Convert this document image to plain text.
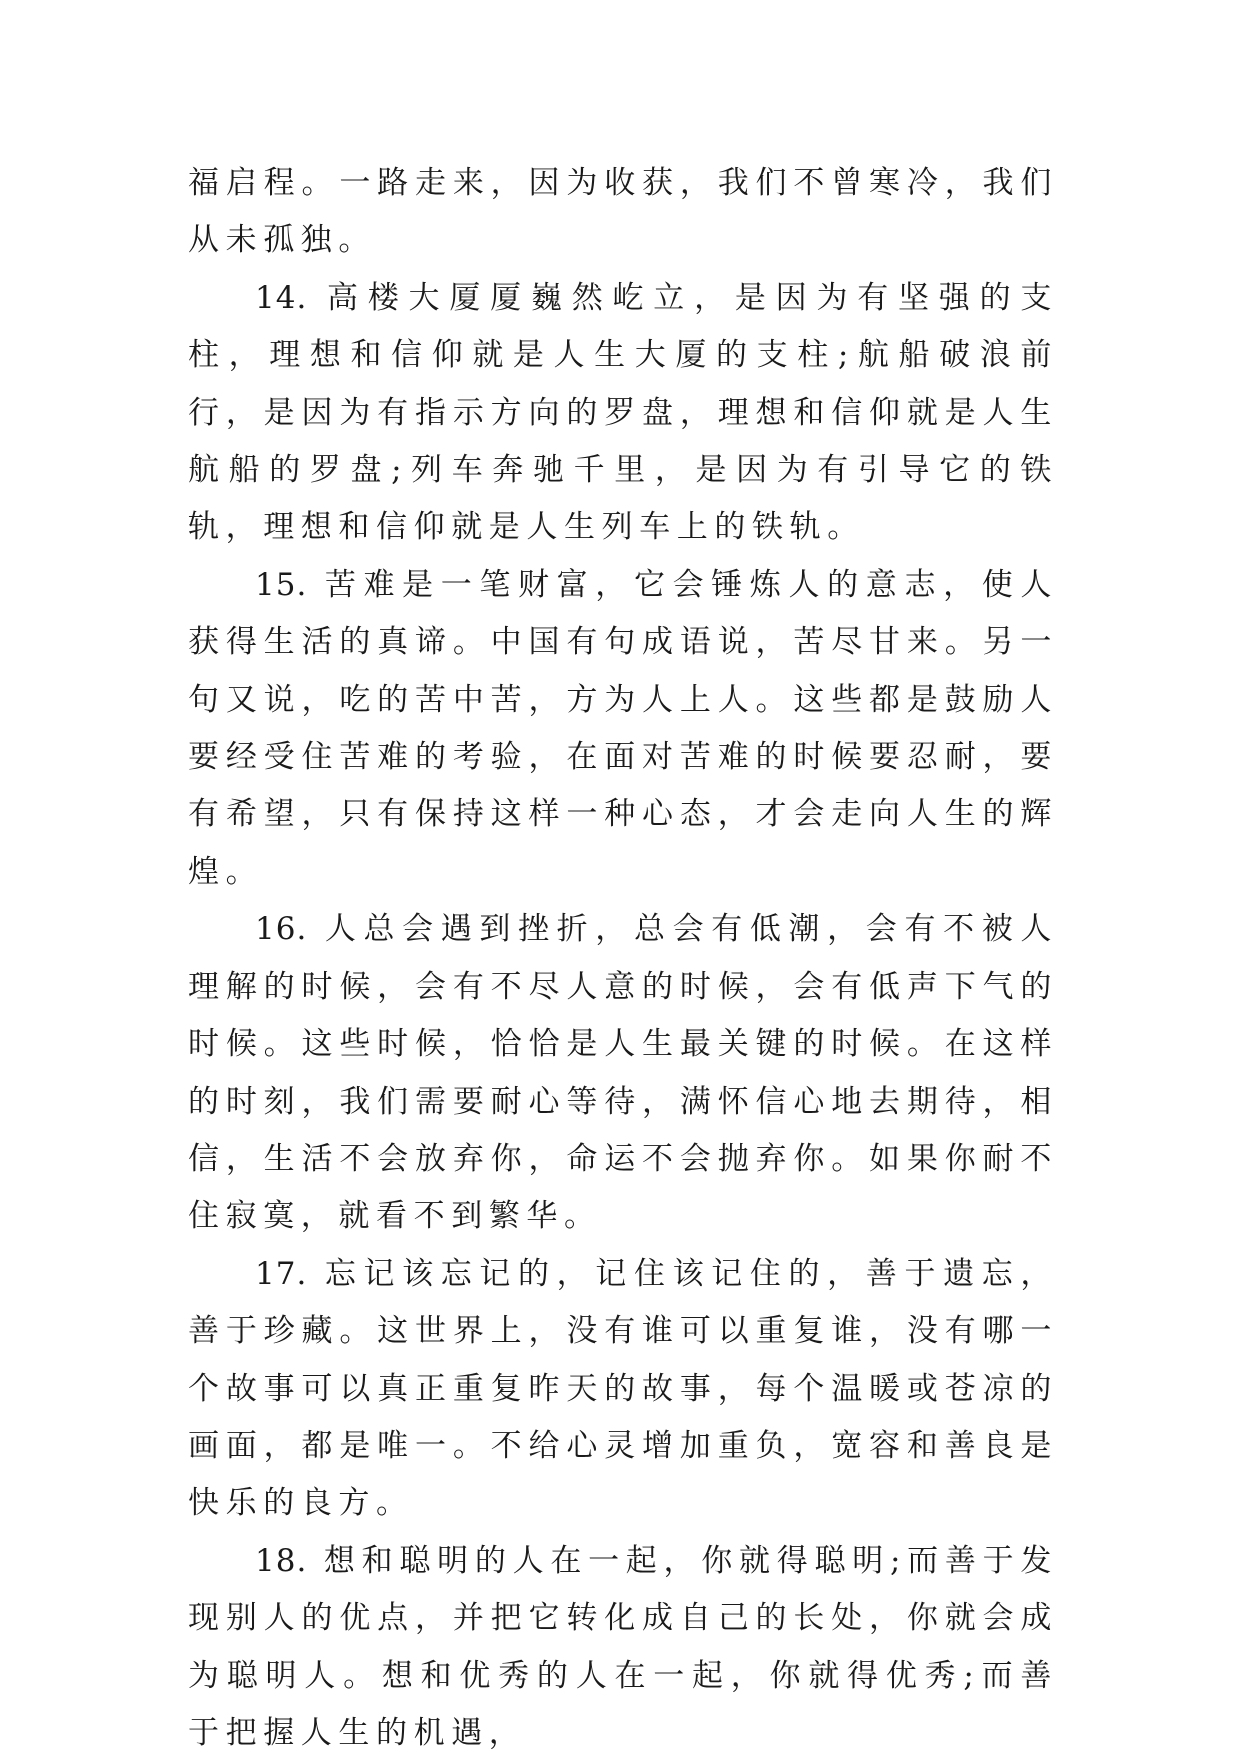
福启程。一路走来，因为收获，我们不曾寒冷，我们从未孤独。

14. 高楼大厦厦巍然屹立，是因为有坚强的支柱，理想和信仰就是人生大厦的支柱;航船破浪前行，是因为有指示方向的罗盘，理想和信仰就是人生航船的罗盘;列车奔驰千里，是因为有引导它的铁轨，理想和信仰就是人生列车上的铁轨。

15. 苦难是一笔财富，它会锤炼人的意志，使人获得生活的真谛。中国有句成语说，苦尽甘来。另一句又说，吃的苦中苦，方为人上人。这些都是鼓励人要经受住苦难的考验，在面对苦难的时候要忍耐，要有希望，只有保持这样一种心态，才会走向人生的辉煌。

16. 人总会遇到挫折，总会有低潮，会有不被人理解的时候，会有不尽人意的时候，会有低声下气的时候。这些时候，恰恰是人生最关键的时候。在这样的时刻，我们需要耐心等待，满怀信心地去期待，相信，生活不会放弃你，命运不会抛弃你。如果你耐不住寂寞，就看不到繁华。

17. 忘记该忘记的，记住该记住的，善于遗忘，善于珍藏。这世界上，没有谁可以重复谁，没有哪一个故事可以真正重复昨天的故事，每个温暖或苍凉的画面，都是唯一。不给心灵增加重负，宽容和善良是快乐的良方。

18. 想和聪明的人在一起，你就得聪明;而善于发现别人的优点，并把它转化成自己的长处，你就会成为聪明人。想和优秀的人在一起，你就得优秀;而善于把握人生的机遇，
